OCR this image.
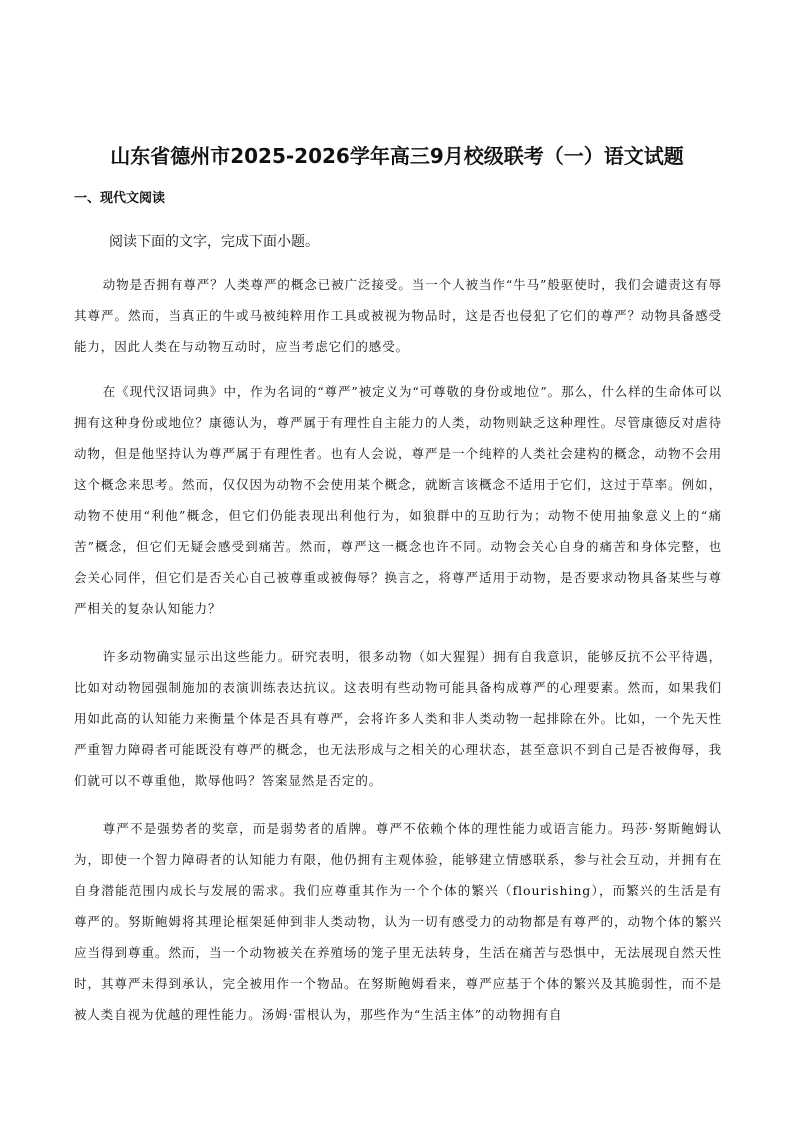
山东省德州市2025-2026学年高三9月校级联考（一）语文试题
一、现代文阅读
阅读下面的文字，完成下面小题。

动物是否拥有尊严？人类尊严的概念已被广泛接受。当一个人被当作“牛马”般驱使时，我们会谴责这有辱其尊严。然而，当真正的牛或马被纯粹用作工具或被视为物品时，这是否也侵犯了它们的尊严？动物具备感受能力，因此人类在与动物互动时，应当考虑它们的感受。

在《现代汉语词典》中，作为名词的“尊严”被定义为“可尊敬的身份或地位”。那么，什么样的生命体可以拥有这种身份或地位？康德认为，尊严属于有理性自主能力的人类，动物则缺乏这种理性。尽管康德反对虐待动物，但是他坚持认为尊严属于有理性者。也有人会说，尊严是一个纯粹的人类社会建构的概念，动物不会用这个概念来思考。然而，仅仅因为动物不会使用某个概念，就断言该概念不适用于它们，这过于草率。例如，动物不使用“利他”概念，但它们仍能表现出利他行为，如狼群中的互助行为；动物不使用抽象意义上的“痛苦”概念，但它们无疑会感受到痛苦。然而，尊严这一概念也许不同。动物会关心自身的痛苦和身体完整，也会关心同伴，但它们是否关心自己被尊重或被侮辱？换言之，将尊严适用于动物，是否要求动物具备某些与尊严相关的复杂认知能力？

许多动物确实显示出这些能力。研究表明，很多动物（如大猩猩）拥有自我意识，能够反抗不公平待遇，比如对动物园强制施加的表演训练表达抗议。这表明有些动物可能具备构成尊严的心理要素。然而，如果我们用如此高的认知能力来衡量个体是否具有尊严，会将许多人类和非人类动物一起排除在外。比如，一个先天性严重智力障碍者可能既没有尊严的概念，也无法形成与之相关的心理状态，甚至意识不到自己是否被侮辱，我们就可以不尊重他，欺辱他吗？答案显然是否定的。

尊严不是强势者的奖章，而是弱势者的盾牌。尊严不依赖个体的理性能力或语言能力。玛莎·努斯鲍姆认为，即使一个智力障碍者的认知能力有限，他仍拥有主观体验，能够建立情感联系，参与社会互动，并拥有在自身潜能范围内成长与发展的需求。我们应尊重其作为一个个体的繁兴（flourishing），而繁兴的生活是有尊严的。努斯鲍姆将其理论框架延伸到非人类动物，认为一切有感受力的动物都是有尊严的，动物个体的繁兴应当得到尊重。然而，当一个动物被关在养殖场的笼子里无法转身，生活在痛苦与恐惧中，无法展现自然天性时，其尊严未得到承认，完全被用作一个物品。在努斯鲍姆看来，尊严应基于个体的繁兴及其脆弱性，而不是被人类自视为优越的理性能力。汤姆·雷根认为，那些作为“生活主体”的动物拥有自
